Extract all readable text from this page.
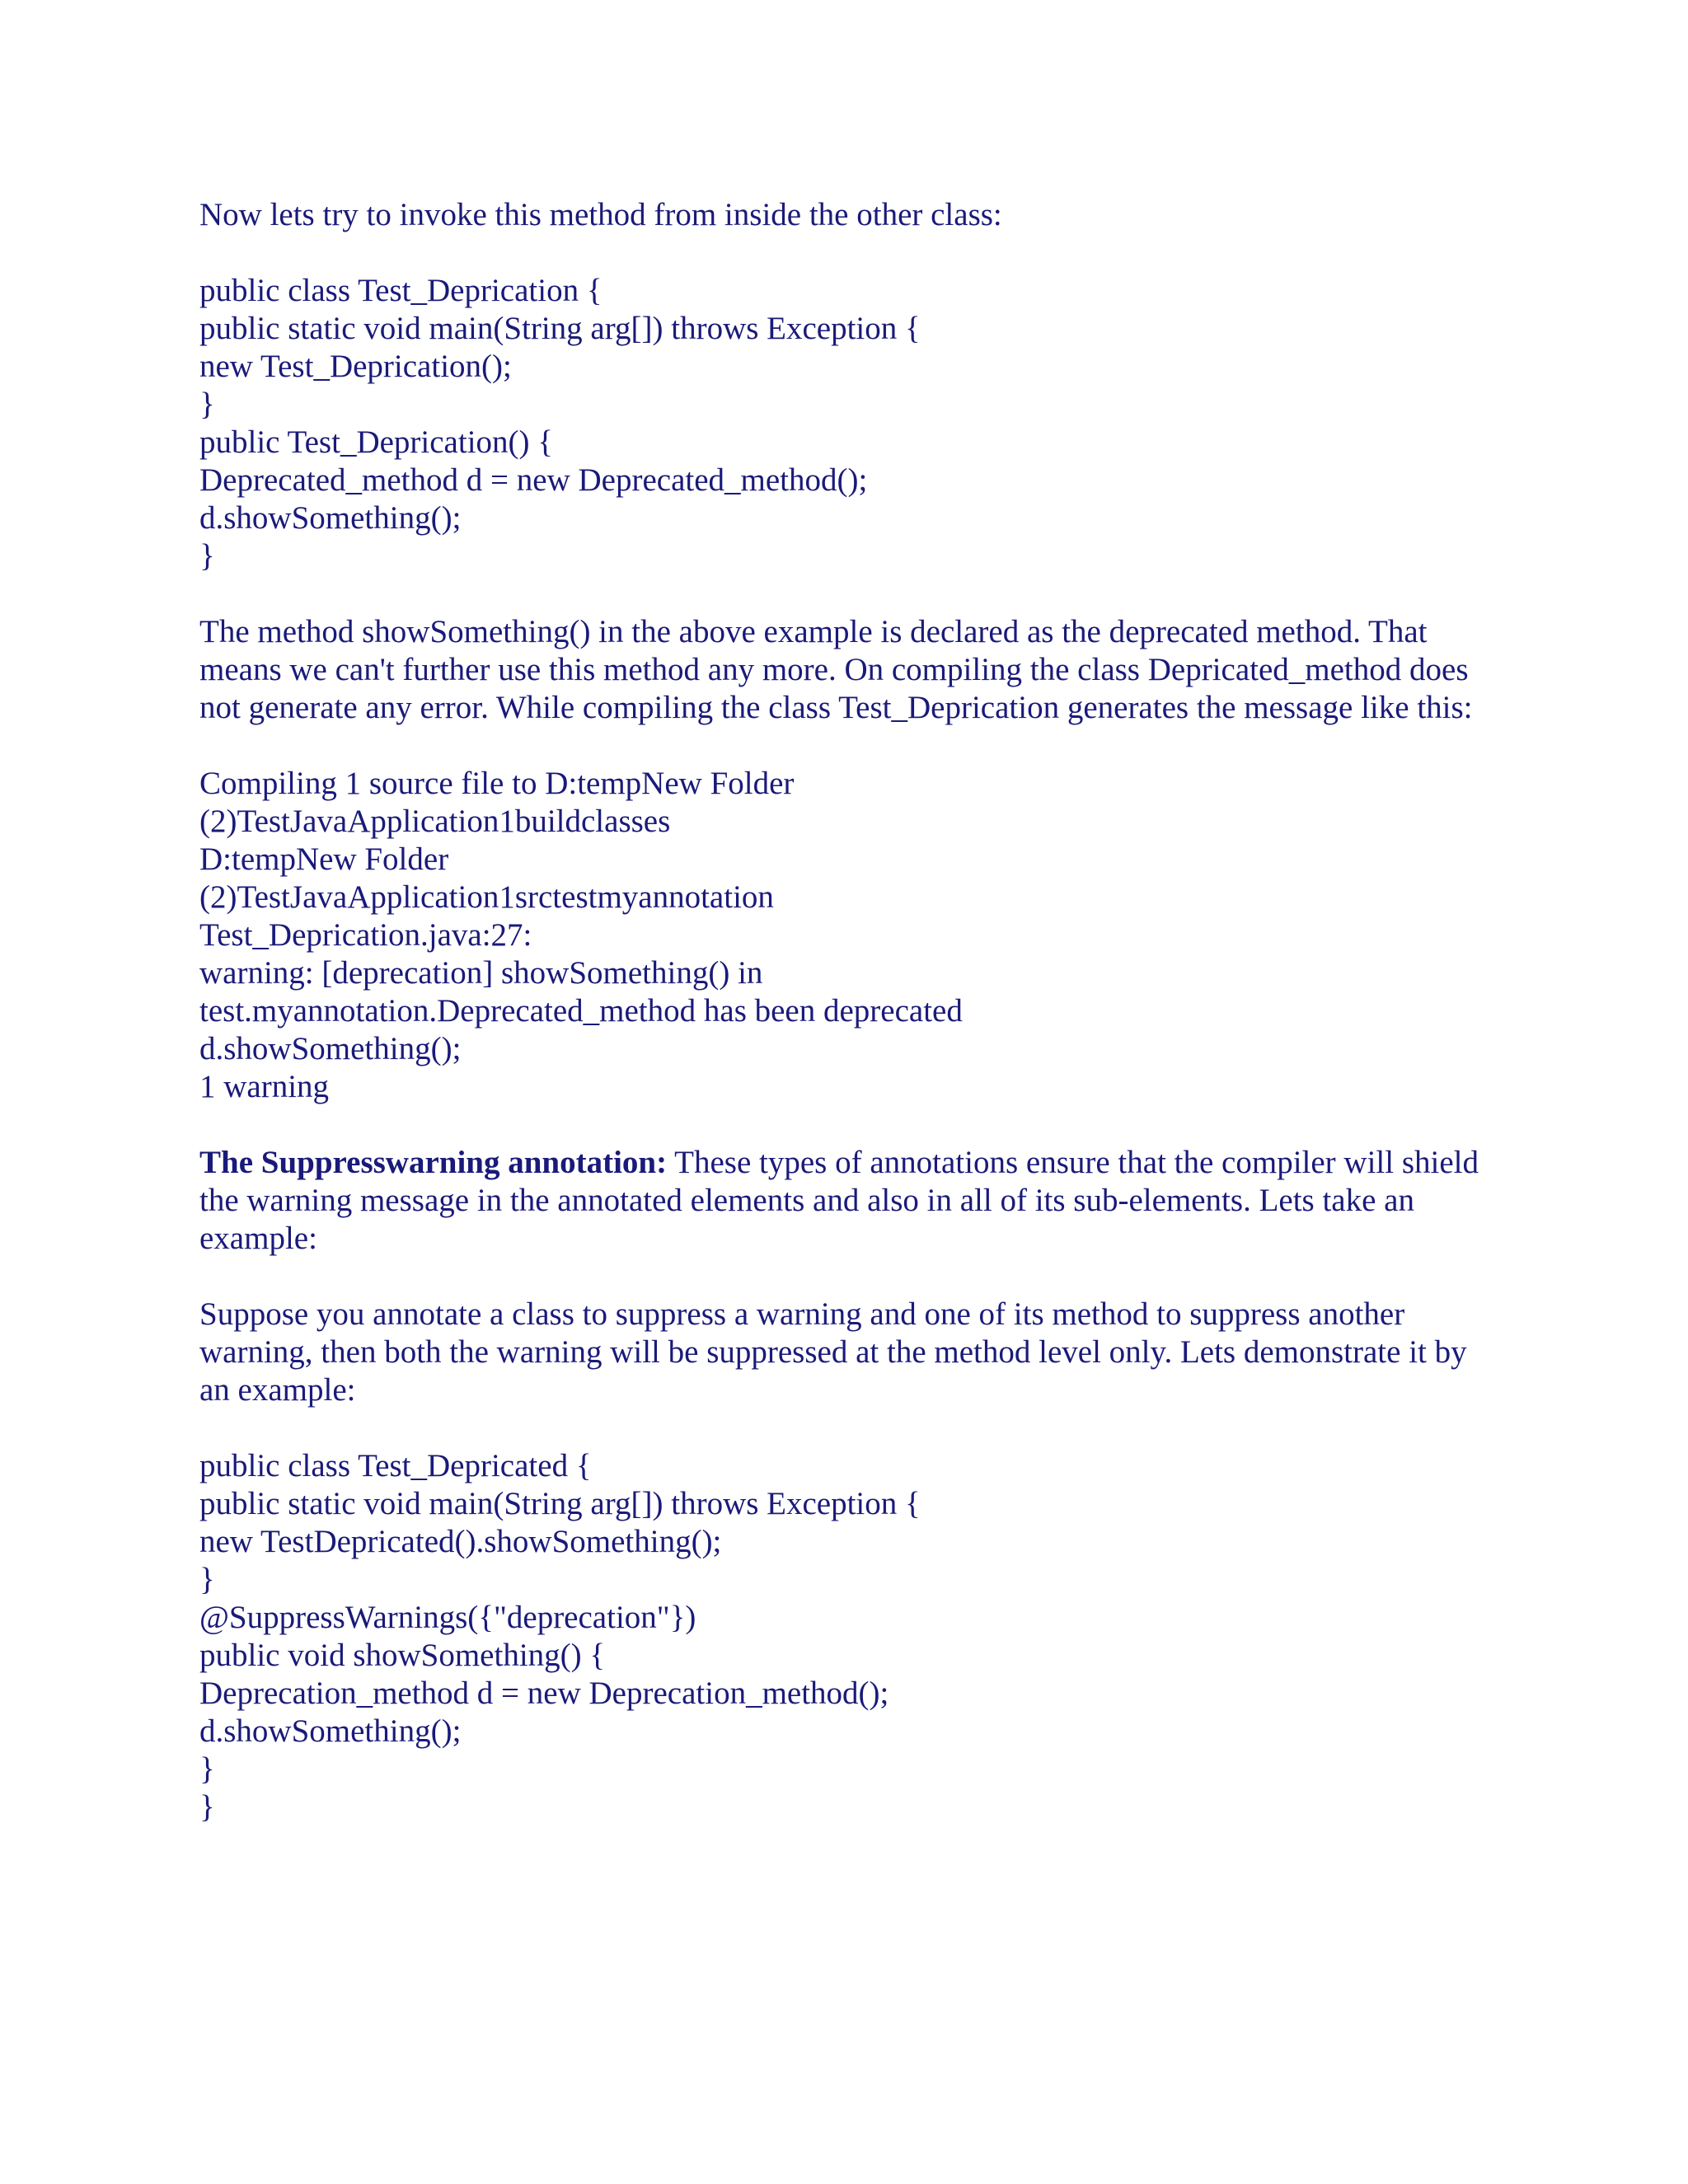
Now lets try to invoke this method from inside the other class:

public class Test_Deprication {
public static void main(String arg[]) throws Exception {
new Test_Deprication();
}
public Test_Deprication() {
Deprecated_method d = new Deprecated_method();
d.showSomething();
}

The method showSomething() in the above example is declared as the deprecated method. That means we can't further use this method any more. On compiling the class Depricated_method does not generate any error. While compiling the class Test_Deprication generates the message like this:

Compiling 1 source file to D:tempNew Folder
(2)TestJavaApplication1buildclasses
D:tempNew Folder
(2)TestJavaApplication1srctestmyannotation
Test_Deprication.java:27:
warning: [deprecation] showSomething() in
test.myannotation.Deprecated_method has been deprecated
d.showSomething();
1 warning

The Suppresswarning annotation: These types of annotations ensure that the compiler will shield the warning message in the annotated elements and also in all of its sub-elements. Lets take an example:

Suppose you annotate a class to suppress a warning and one of its method to suppress another warning, then both the warning will be suppressed at the method level only. Lets demonstrate it by an example:

public class Test_Depricated {
public static void main(String arg[]) throws Exception {
new TestDepricated().showSomething();
}
@SuppressWarnings({"deprecation"})
public void showSomething() {
Deprecation_method d = new Deprecation_method();
d.showSomething();
}
}
